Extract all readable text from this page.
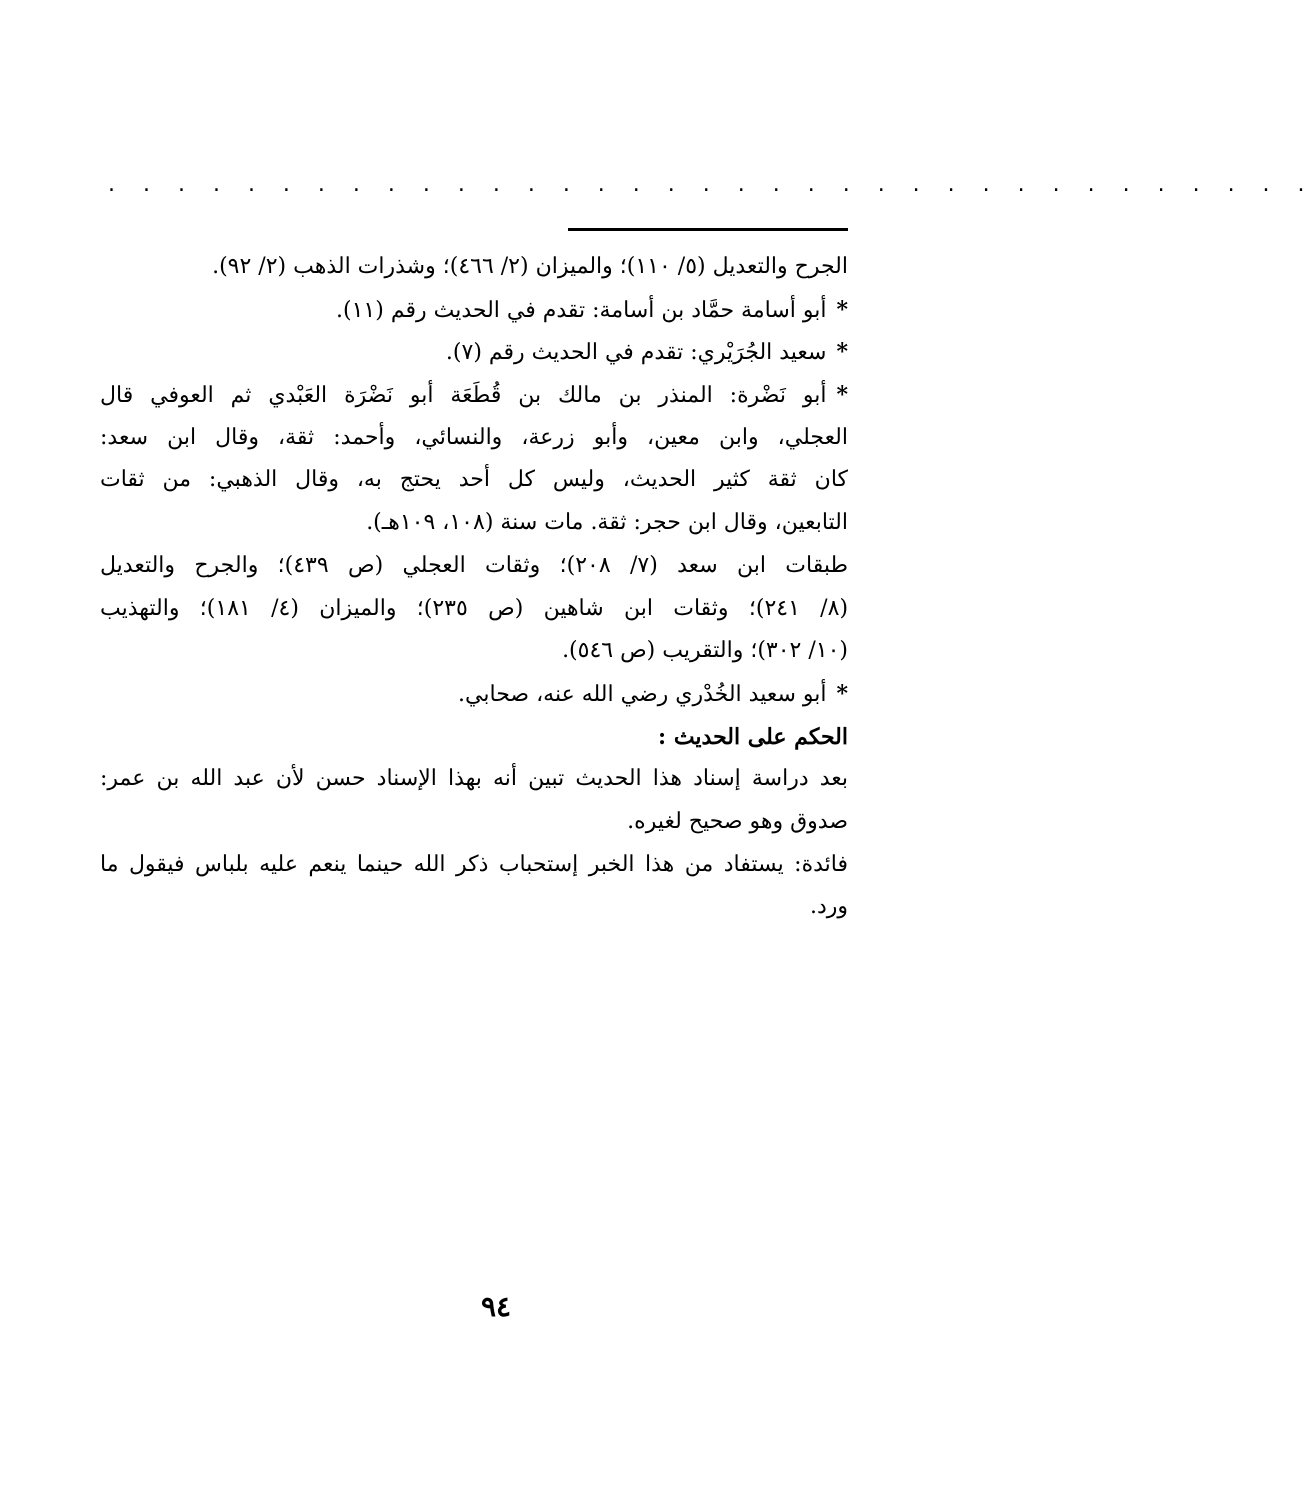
. . . . . . . . . . . . . . . . . . . . . . . . . . . . . . . . . . .
الجرح والتعديل (٥/ ١١٠)؛ والميزان (٢/ ٤٦٦)؛ وشذرات الذهب (٢/ ٩٢).
*أبو أسامة حمَّاد بن أسامة: تقدم في الحديث رقم (١١).
*سعيد الجُرَيْري: تقدم في الحديث رقم (٧).
*أبو نَضْرة: المنذر بن مالك بن قُطَعَة أبو نَضْرَة العَبْدي ثم العوفي قال
العجلي، وابن معين، وأبو زرعة، والنسائي، وأحمد: ثقة، وقال ابن سعد:
كان ثقة كثير الحديث، وليس كل أحد يحتج به، وقال الذهبي: من ثقات
التابعين، وقال ابن حجر: ثقة. مات سنة (١٠٨، ١٠٩هـ).
طبقات ابن سعد (٧/ ٢٠٨)؛ وثقات العجلي (ص ٤٣٩)؛ والجرح والتعديل
(٨/ ٢٤١)؛ وثقات ابن شاهين (ص ٢٣٥)؛ والميزان (٤/ ١٨١)؛ والتهذيب
(١٠/ ٣٠٢)؛ والتقريب (ص ٥٤٦).
*أبو سعيد الخُدْري رضي الله عنه، صحابي.
الحكم على الحديث :
بعد دراسة إسناد هذا الحديث تبين أنه بهذا الإسناد حسن لأن عبد الله بن عمر:
صدوق وهو صحيح لغيره.
فائدة: يستفاد من هذا الخبر إستحباب ذكر الله حينما ينعم عليه بلباس فيقول ما
ورد.
٩٤
